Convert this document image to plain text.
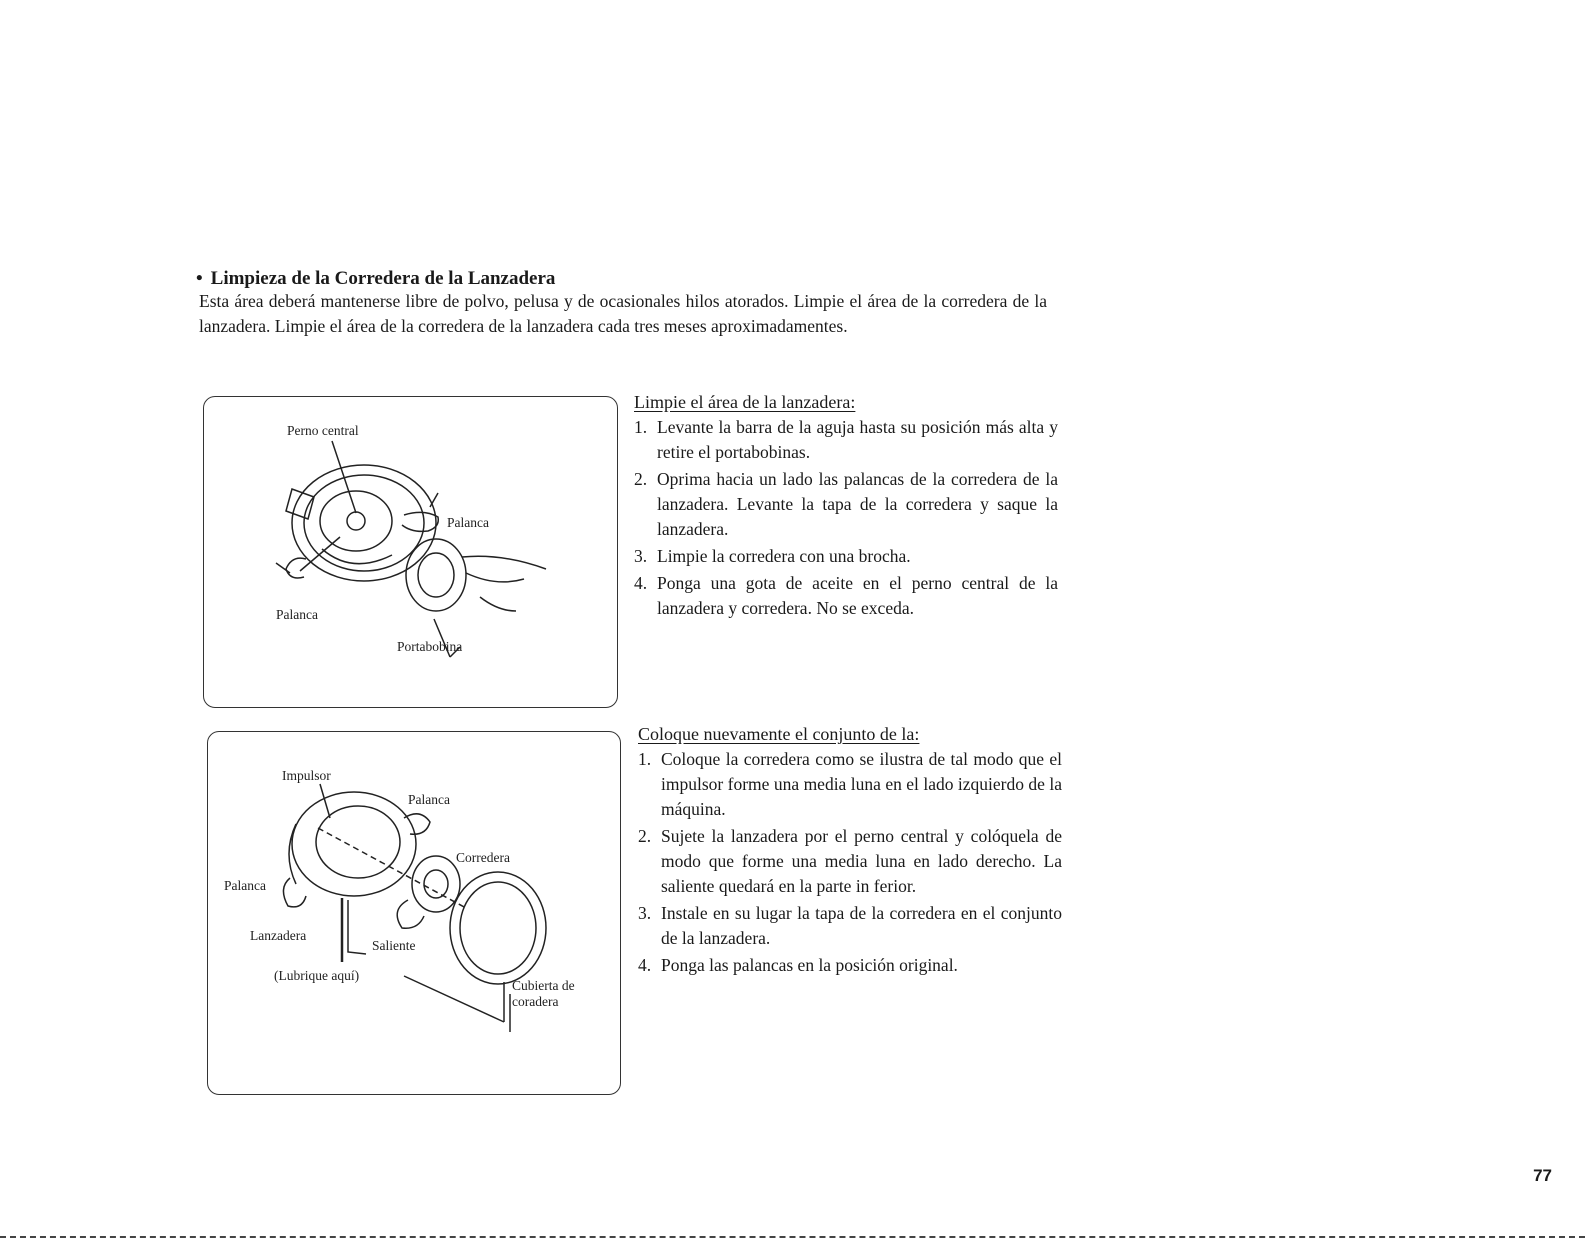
• Limpieza de la Corredera de la Lanzadera

Esta área deberá mantenerse libre de polvo, pelusa y de ocasionales hilos atorados. Limpie el área de la corredera de la lanzadera. Limpie el área de la corredera de la lanzadera cada tres meses aproximadamentes.

Perno central
Palanca
Palanca
Portabobina
Impulsor
Palanca
Corredera
Palanca
Lanzadera
Saliente
(Lubrique aquí)
Cubierta de coradera
Limpie el área de la lanzadera:
1. Levante la barra de la aguja hasta su posición más alta y retire el portabobinas.
2. Oprima hacia un lado las palancas de la corredera de la lanzadera. Levante la tapa de la corredera y saque la lanzadera.
3. Limpie la corredera con una brocha.
4. Ponga una gota de aceite en el perno central de la lanzadera y corredera. No se exceda.
Coloque nuevamente el conjunto de la:
1. Coloque la corredera como se ilustra de tal modo que el impulsor forme una media luna en el lado izquierdo de la máquina.
2. Sujete la lanzadera por el perno central y colóquela de modo que forme una media luna en lado derecho. La saliente quedará en la parte in ferior.
3. Instale en su lugar la tapa de la corredera en el conjunto de la lanzadera.
4. Ponga las palancas en la posición original.
77
